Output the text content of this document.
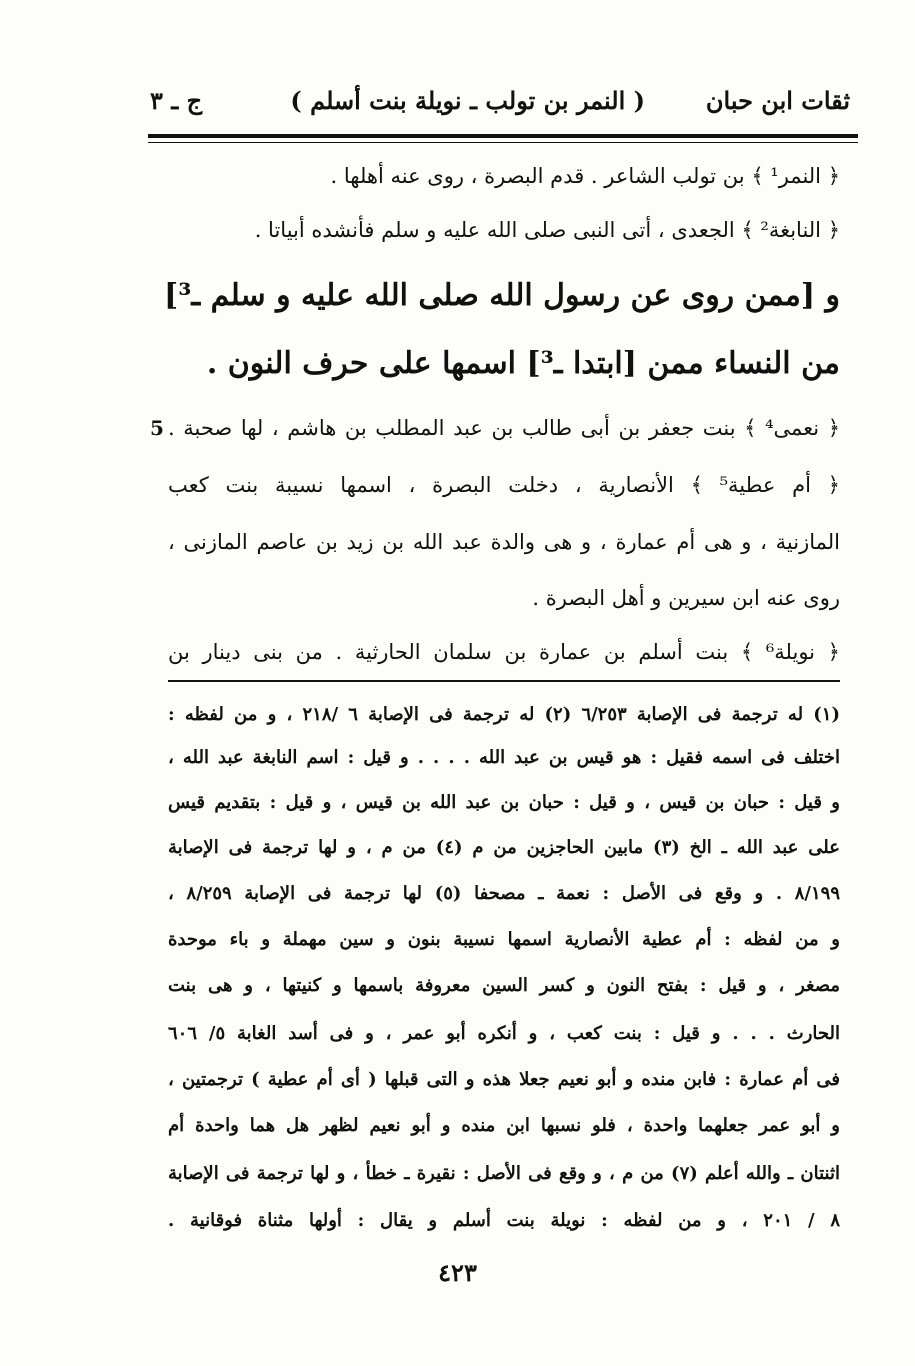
ثقات ابن حبان
( النمر بن تولب ـ نويلة بنت أسلم )
ج ـ ٣
﴿ النمر¹ ﴾ بن تولب الشاعر . قدم البصرة ، روى عنه أهلها .
﴿ النابغة² ﴾ الجعدى ، أتى النبى صلى الله عليه و سلم فأنشده أبياتا .
و [ممن روى عن رسول الله صلى الله عليه و سلم ـ³]
من النساء ممن [ابتدا ـ³] اسمها على حرف النون .
﴿ نعمى⁴ ﴾ بنت جعفر بن أبى طالب بن عبد المطلب بن هاشم ، لها صحبة .
5
﴿ أم عطية⁵ ﴾ الأنصارية ، دخلت البصرة ، اسمها نسيبة بنت كعب
المازنية ، و هى أم عمارة ، و هى والدة عبد الله بن زيد بن عاصم المازنى ،
روى عنه ابن سيرين و أهل البصرة .
﴿ نويلة⁶ ﴾ بنت أسلم بن عمارة بن سلمان الحارثية . من بنى دينار بن
(١) له ترجمة فى الإصابة ٦/٢٥٣ (٢) له ترجمة فى الإصابة ٦ /٢١٨ ، و من لفظه :
اختلف فى اسمه فقيل : هو قيس بن عبد الله . . . . و قيل : اسم النابغة عبد الله ،
و قيل : حبان بن قيس ، و قيل : حبان بن عبد الله بن قيس ، و قيل : بتقديم قيس
على عبد الله ـ الخ (٣) مابين الحاجزين من م (٤) من م ، و لها ترجمة فى الإصابة
٨/١٩٩ . و وقع فى الأصل : نعمة ـ مصحفا (٥) لها ترجمة فى الإصابة ٨/٢٥٩ ،
و من لفظه : أم عطية الأنصارية اسمها نسيبة بنون و سين مهملة و باء موحدة
مصغر ، و قيل : بفتح النون و كسر السين معروفة باسمها و كنيتها ، و هى بنت
الحارث . . . و قيل : بنت كعب ، و أنكره أبو عمر ، و فى أسد الغابة ٥/ ٦٠٦
فى أم عمارة : فابن منده و أبو نعيم جعلا هذه و التى قبلها ( أى أم عطية ) ترجمتين ،
و أبو عمر جعلهما واحدة ، فلو نسبها ابن منده و أبو نعيم لظهر هل هما واحدة أم
اثنتان ـ والله أعلم (٧) من م ، و وقع فى الأصل : نقيرة ـ خطأ ، و لها ترجمة فى الإصابة
٨ / ٢٠١ ، و من لفظه : نويلة بنت أسلم و يقال : أولها مثناة فوقانية .
٤٢٣
